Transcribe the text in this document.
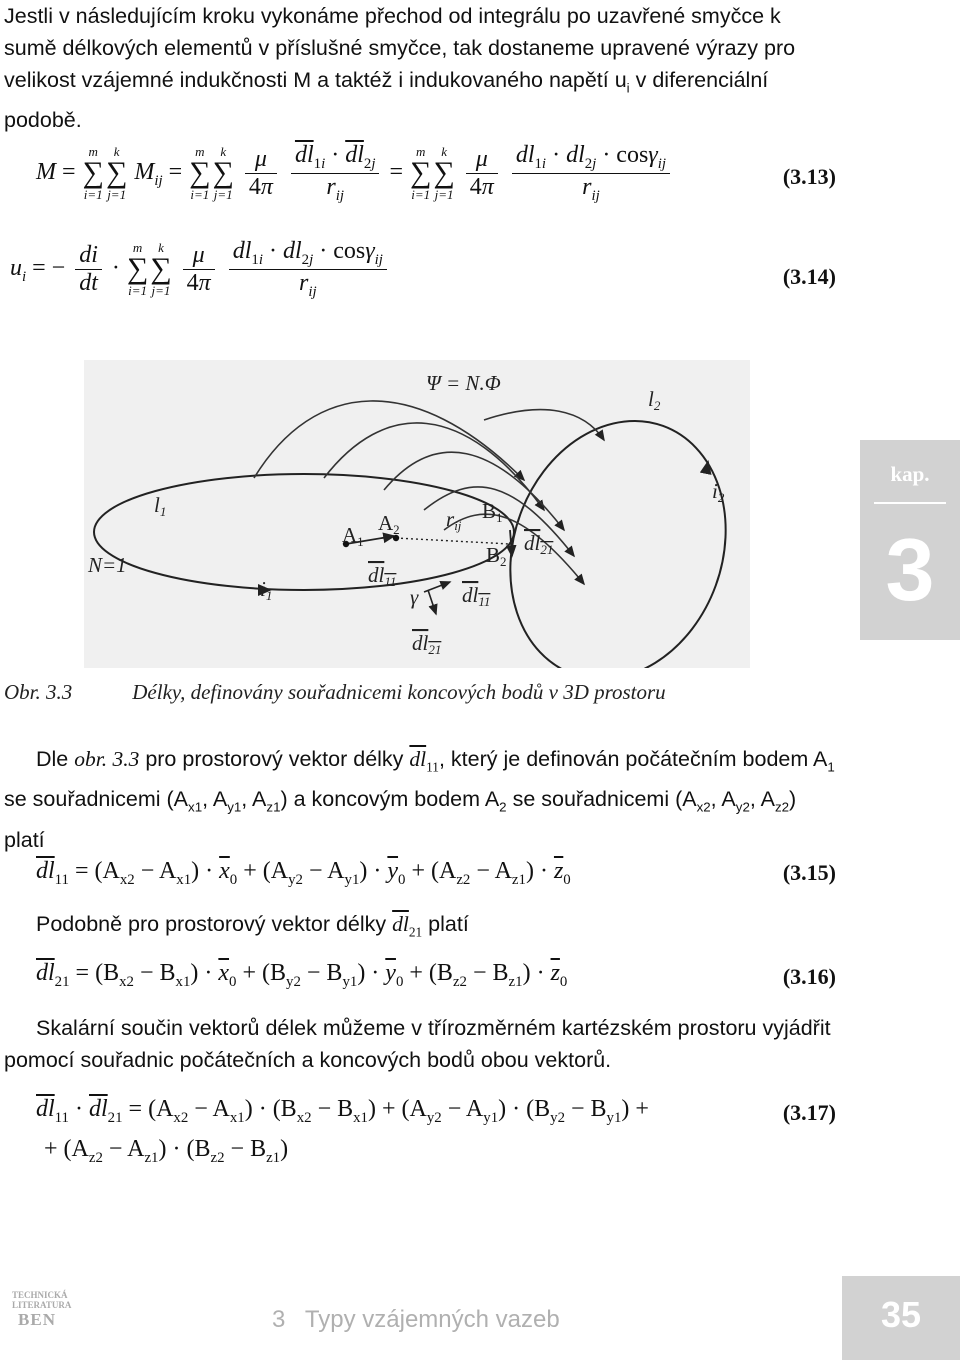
Jestli v následujícím kroku vykonáme přechod od integrálu po uzavřené smyčce k sumě délkových elementů v příslušné smyčce, tak dostaneme upravené výrazy pro velikost vzájemné indukčnosti M a taktéž i indukovaného napětí $u_i$ v diferenciální podobě.

M =
m
∑
i=1
k
∑
j=1
$M_{ij}$ =
m
∑
i=1
k
∑
j=1
$\frac{\mu}{4\pi}$
$\frac{\overline{dl}_{1i} \cdot \overline{dl}_{2j}}{r_{ij}}$ =
m
∑
i=1
k
∑
j=1
$\frac{\mu}{4\pi}$
$\frac{dl_{1i} \cdot dl_{2j} \cdot \cos\gamma_{ij}}{r_{ij}}$	(3.13)
$u_i$ = − $\frac{di}{dt}$ ·
m
∑
i=1
k
∑
j=1
$\frac{\mu}{4\pi}$
$\frac{dl_{1i} \cdot dl_{2j} \cdot \cos\gamma_{ij}}{r_{ij}}$	(3.14)
Ψ = N.Φ
l2
l1
i2
i1
N=1
A1
A2
B1
B2
rij
γ
dl11
dl11
dl21
dl21
Obr. 3.3	Délky, definovány souřadnicemi koncových bodů v 3D prostoru

Dle obr. 3.3 pro prostorový vektor délky $\overline{dl}_{11}$, který je definován počátečním bodem $A_1$ se souřadnicemi ($A_{x1}$, $A_{y1}$, $A_{z1}$) a koncovým bodem $A_2$ se souřadnicemi ($A_{x2}$, $A_{y2}$, $A_{z2}$) platí

$\overline{dl}_{11} = (A_{x2} - A_{x1}) \cdot \overline{x}_0 + (A_{y2} - A_{y1}) \cdot \overline{y}_0 + (A_{z2} - A_{z1}) \cdot \overline{z}_0$	(3.15)

Podobně pro prostorový vektor délky $\overline{dl}_{21}$ platí

$\overline{dl}_{21} = (B_{x2} - B_{x1}) \cdot \overline{x}_0 + (B_{y2} - B_{y1}) \cdot \overline{y}_0 + (B_{z2} - B_{z1}) \cdot \overline{z}_0$	(3.16)

Skalární součin vektorů délek můžeme v třírozměrném kartézském prostoru vyjádřit pomocí souřadnic počátečních a koncových bodů obou vektorů.

$\overline{dl}_{11} \cdot \overline{dl}_{21} = (A_{x2} - A_{x1}) \cdot (B_{x2} - B_{x1}) + (A_{y2} - A_{y1}) \cdot (B_{y2} - B_{y1})$ +
+ $(A_{z2} - A_{z1}) \cdot (B_{z2} - B_{z1})$
(3.17)
kap.
3
TECHNICKÁ LITERATURA
BEN	3   Typy vzájemných vazeb	35
